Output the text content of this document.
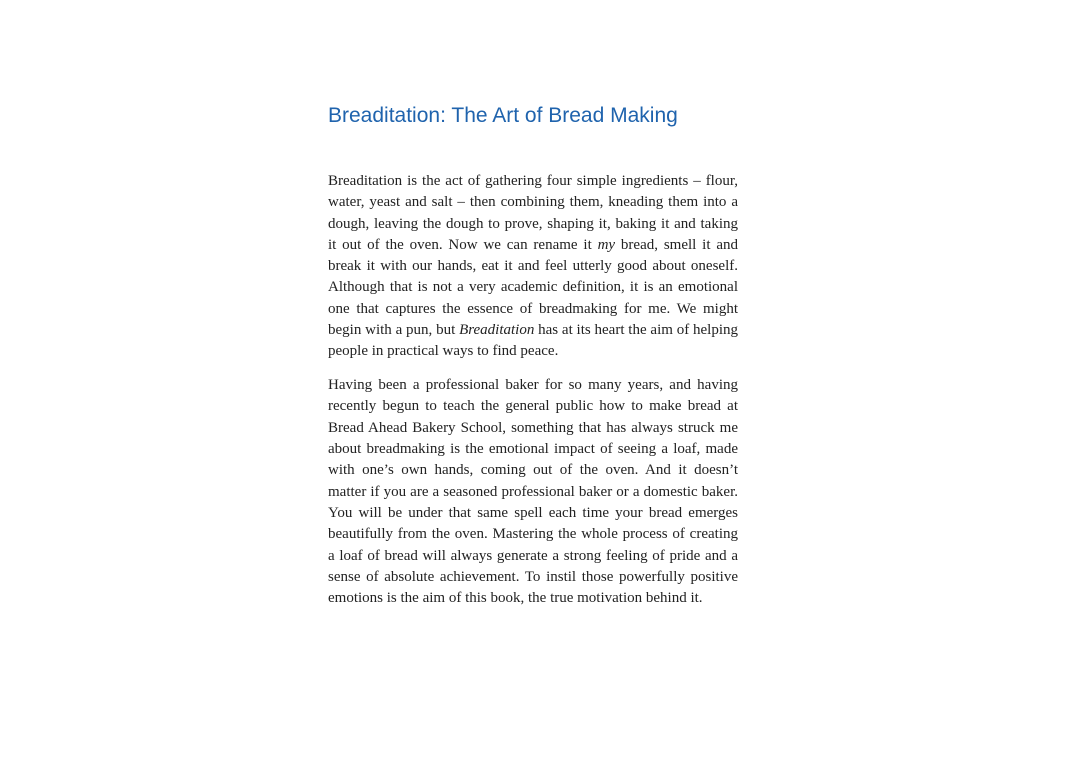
Breaditation: The Art of Bread Making

Breaditation is the act of gathering four simple ingredients – flour, water, yeast and salt – then combining them, kneading them into a dough, leaving the dough to prove, shaping it, baking it and taking it out of the oven. Now we can rename it my bread, smell it and break it with our hands, eat it and feel utterly good about oneself. Although that is not a very academic definition, it is an emotional one that captures the essence of breadmaking for me. We might begin with a pun, but Breaditation has at its heart the aim of helping people in practical ways to find peace.

Having been a professional baker for so many years, and having recently begun to teach the general public how to make bread at Bread Ahead Bakery School, something that has always struck me about breadmaking is the emotional impact of seeing a loaf, made with one’s own hands, coming out of the oven. And it doesn’t matter if you are a seasoned professional baker or a domestic baker. You will be under that same spell each time your bread emerges beautifully from the oven. Mastering the whole process of creating a loaf of bread will always generate a strong feeling of pride and a sense of absolute achievement. To instil those powerfully positive emotions is the aim of this book, the true motivation behind it.
